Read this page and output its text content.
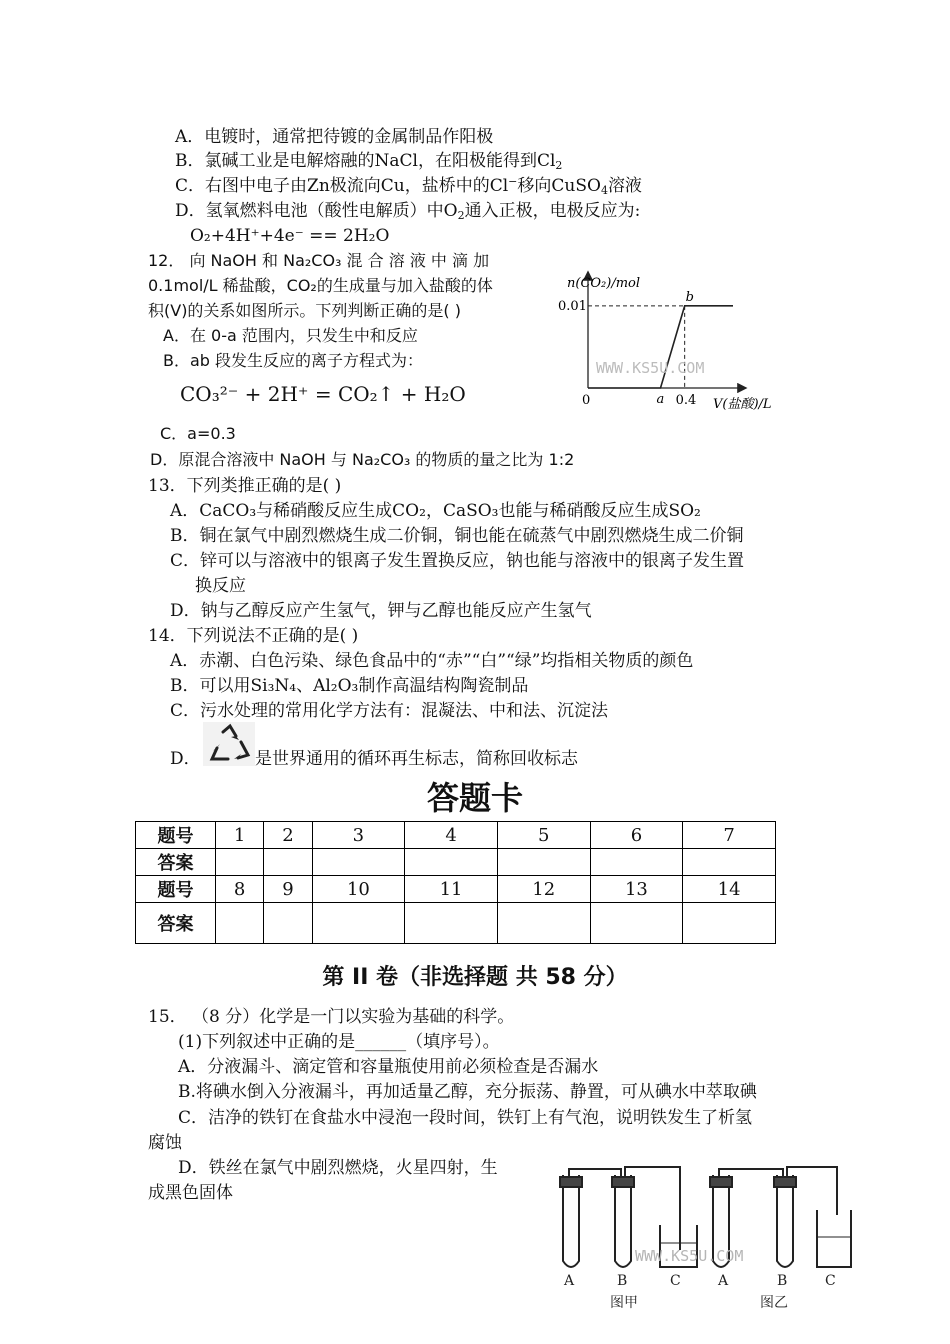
A．电镀时，通常把待镀的金属制品作阳极
B．氯碱工业是电解熔融的NaCl，在阳极能得到$Cl_2$
C．右图中电子由Zn极流向Cu，盐桥中的Cl−移向CuSO$_4$溶液
D．氢氧燃料电池（酸性电解质）中$O_2$通入正极，电极反应为:
O₂+4H⁺+4e⁻ == 2H₂O
12． 向 NaOH 和 Na₂CO₃ 混 合 溶 液 中 滴 加
0.1mol/L 稀盐酸，CO₂的生成量与加入盐酸的体
积(V)的关系如图所示。下列判断正确的是( )
A．在 0-a 范围内，只发生中和反应
B．ab 段发生反应的离子方程式为：
CO₃²⁻ + 2H⁺ = CO₂↑ + H₂O
C．a=0.3
D．原混合溶液中 NaOH 与 Na₂CO₃ 的物质的量之比为 1:2
n(CO₂)/mol
V(盐酸)/L
0
0.01
a 0.4
b
WWW.KS5U.COM
13．下列类推正确的是( )
A．CaCO₃与稀硝酸反应生成CO₂，CaSO₃也能与稀硝酸反应生成SO₂
B．铜在氯气中剧烈燃烧生成二价铜，铜也能在硫蒸气中剧烈燃烧生成二价铜
C．锌可以与溶液中的银离子发生置换反应，钠也能与溶液中的银离子发生置
换反应
D．钠与乙醇反应产生氢气，钾与乙醇也能反应产生氢气
14．下列说法不正确的是( )
A．赤潮、白色污染、绿色食品中的“赤”“白”“绿”均指相关物质的颜色
B．可以用Si₃N₄、Al₂O₃制作高温结构陶瓷制品
C．污水处理的常用化学方法有：混凝法、中和法、沉淀法
D．	是世界通用的循环再生标志，简称回收标志
答题卡
题号	1	2	3	4	5	6	7
答案							
题号	8	9	10	11	12	13	14
答案							
第 II 卷（非选择题 共 58 分）
15． （8 分）化学是一门以实验为基础的科学。
(1)下列叙述中正确的是______（填序号）。
A．分液漏斗、滴定管和容量瓶使用前必须检查是否漏水
B.将碘水倒入分液漏斗，再加适量乙醇，充分振荡、静置，可从碘水中萃取碘
C．洁净的铁钉在食盐水中浸泡一段时间，铁钉上有气泡，说明铁发生了析氢
腐蚀
D．铁丝在氯气中剧烈燃烧，火星四射，生
成黑色固体
WWW.KS5U.COM
A	B	C	A	B	C
图甲	图乙
